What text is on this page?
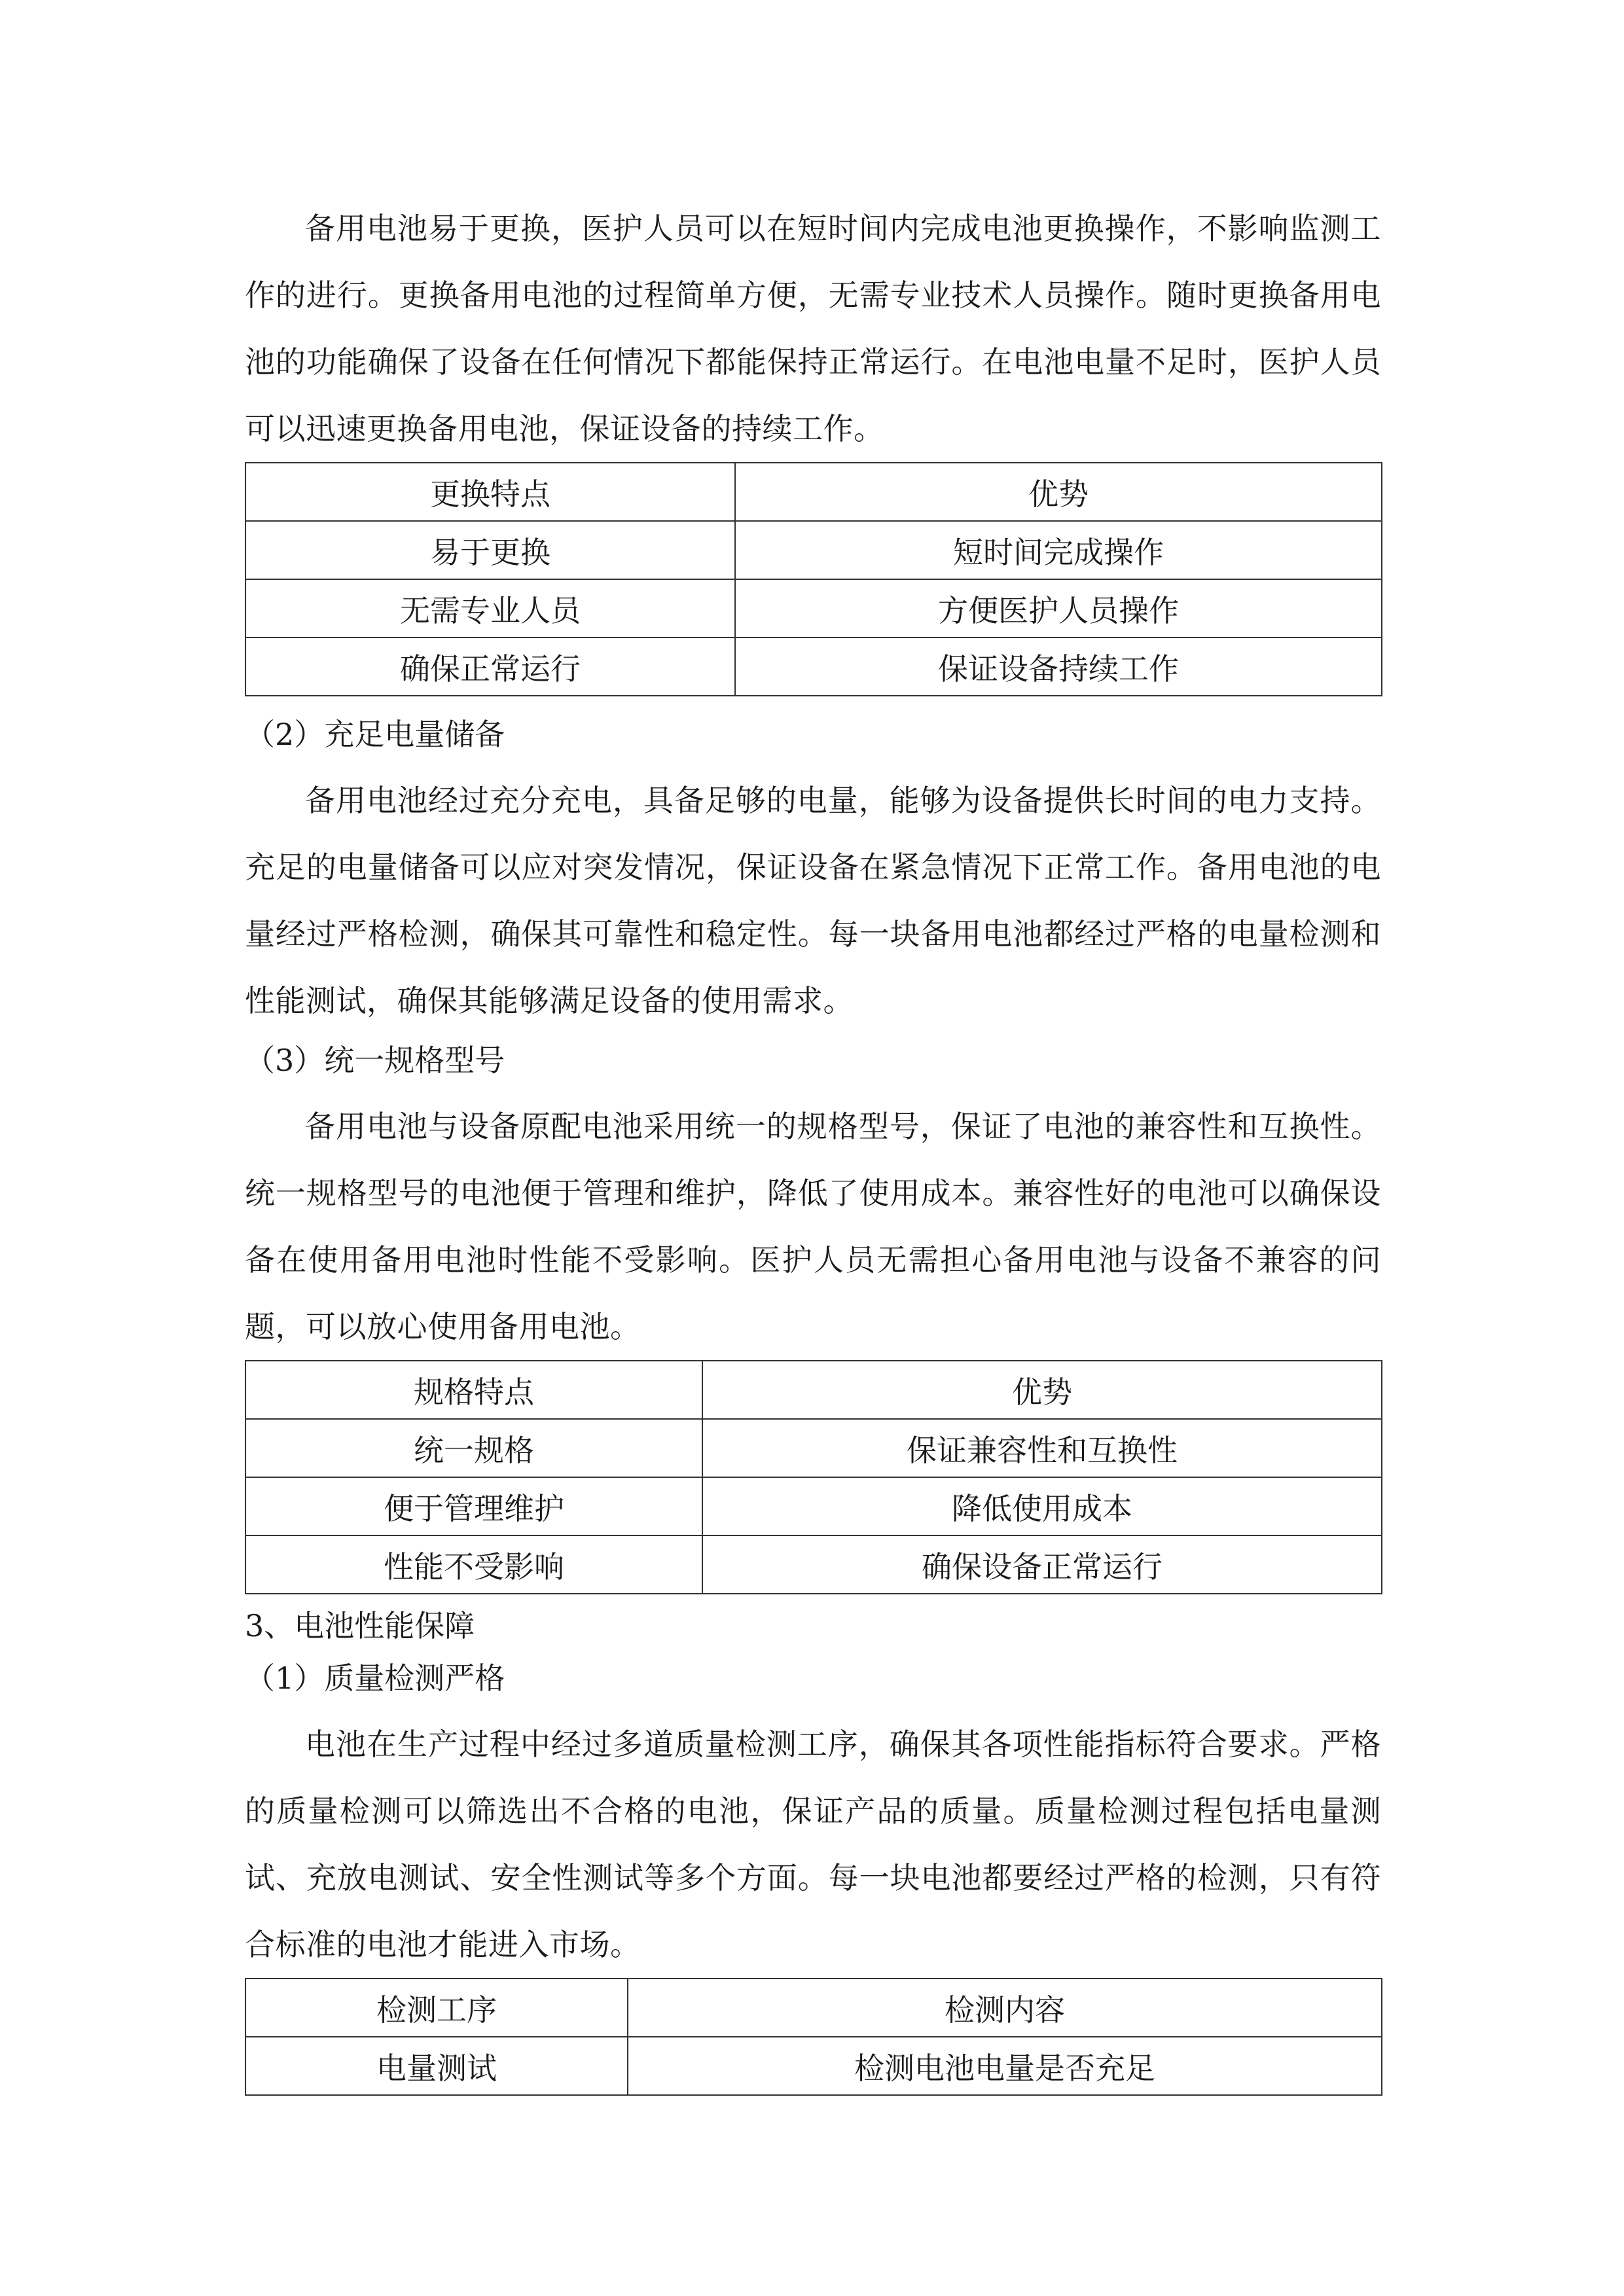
备用电池易于更换，医护人员可以在短时间内完成电池更换操作，不影响监测工作的进行。更换备用电池的过程简单方便，无需专业技术人员操作。随时更换备用电池的功能确保了设备在任何情况下都能保持正常运行。在电池电量不足时，医护人员可以迅速更换备用电池，保证设备的持续工作。

更换特点	优势
易于更换	短时间完成操作
无需专业人员	方便医护人员操作
确保正常运行	保证设备持续工作

（2）充足电量储备

备用电池经过充分充电，具备足够的电量，能够为设备提供长时间的电力支持。充足的电量储备可以应对突发情况，保证设备在紧急情况下正常工作。备用电池的电量经过严格检测，确保其可靠性和稳定性。每一块备用电池都经过严格的电量检测和性能测试，确保其能够满足设备的使用需求。

（3）统一规格型号

备用电池与设备原配电池采用统一的规格型号，保证了电池的兼容性和互换性。统一规格型号的电池便于管理和维护，降低了使用成本。兼容性好的电池可以确保设备在使用备用电池时性能不受影响。医护人员无需担心备用电池与设备不兼容的问题，可以放心使用备用电池。

规格特点	优势
统一规格	保证兼容性和互换性
便于管理维护	降低使用成本
性能不受影响	确保设备正常运行

3、电池性能保障

（1）质量检测严格

电池在生产过程中经过多道质量检测工序，确保其各项性能指标符合要求。严格的质量检测可以筛选出不合格的电池，保证产品的质量。质量检测过程包括电量测试、充放电测试、安全性测试等多个方面。每一块电池都要经过严格的检测，只有符合标准的电池才能进入市场。

检测工序	检测内容
电量测试	检测电池电量是否充足
